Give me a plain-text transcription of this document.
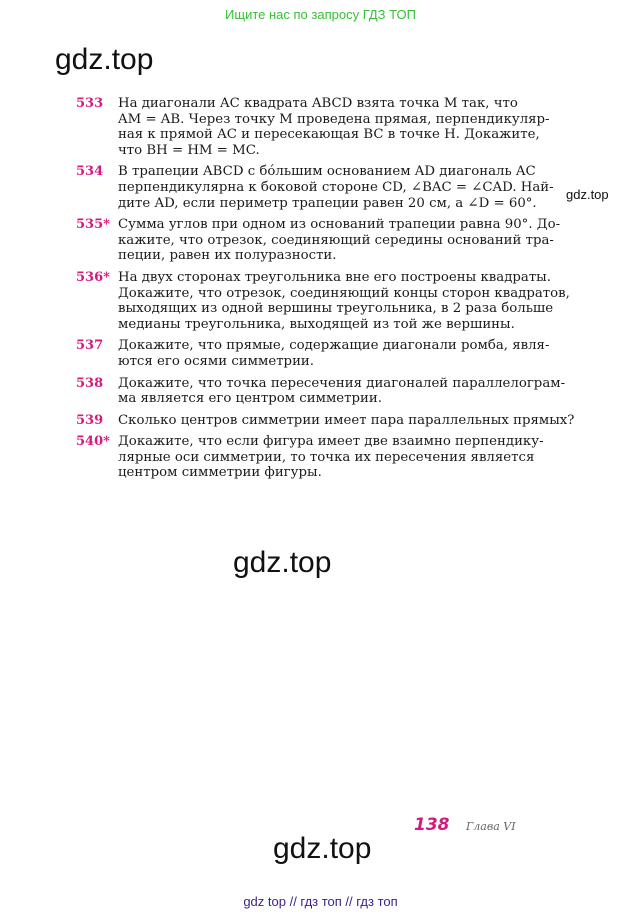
Ищите нас по запросу ГДЗ ТОП
gdz.top
gdz.top
gdz.top
gdz.top
533	На диагонали AC квадрата ABCD взята точка M так, что
AM = AB. Через точку M проведена прямая, перпендикуляр-
ная к прямой AC и пересекающая BC в точке H. Докажите,
что BH = HM = MC.
534	В трапеции ABCD с бóльшим основанием AD диагональ AC
перпендикулярна к боковой стороне CD, ∠BAC = ∠CAD. Най-
дите AD, если периметр трапеции равен 20 см, а ∠D = 60°.
535* Сумма углов при одном из оснований трапеции равна 90°. До-
кажите, что отрезок, соединяющий середины оснований тра-
пеции, равен их полуразности.
536* На двух сторонах треугольника вне его построены квадраты.
Докажите, что отрезок, соединяющий концы сторон квадратов,
выходящих из одной вершины треугольника, в 2 раза больше
медианы треугольника, выходящей из той же вершины.
537	Докажите, что прямые, содержащие диагонали ромба, явля-
ются его осями симметрии.
538	Докажите, что точка пересечения диагоналей параллелограм-
ма является его центром симметрии.
539	Сколько центров симметрии имеет пара параллельных прямых?
540* Докажите, что если фигура имеет две взаимно перпендику-
лярные оси симметрии, то точка их пересечения является
центром симметрии фигуры.
138 Глава VI
gdz top // гдз топ // гдз топ
